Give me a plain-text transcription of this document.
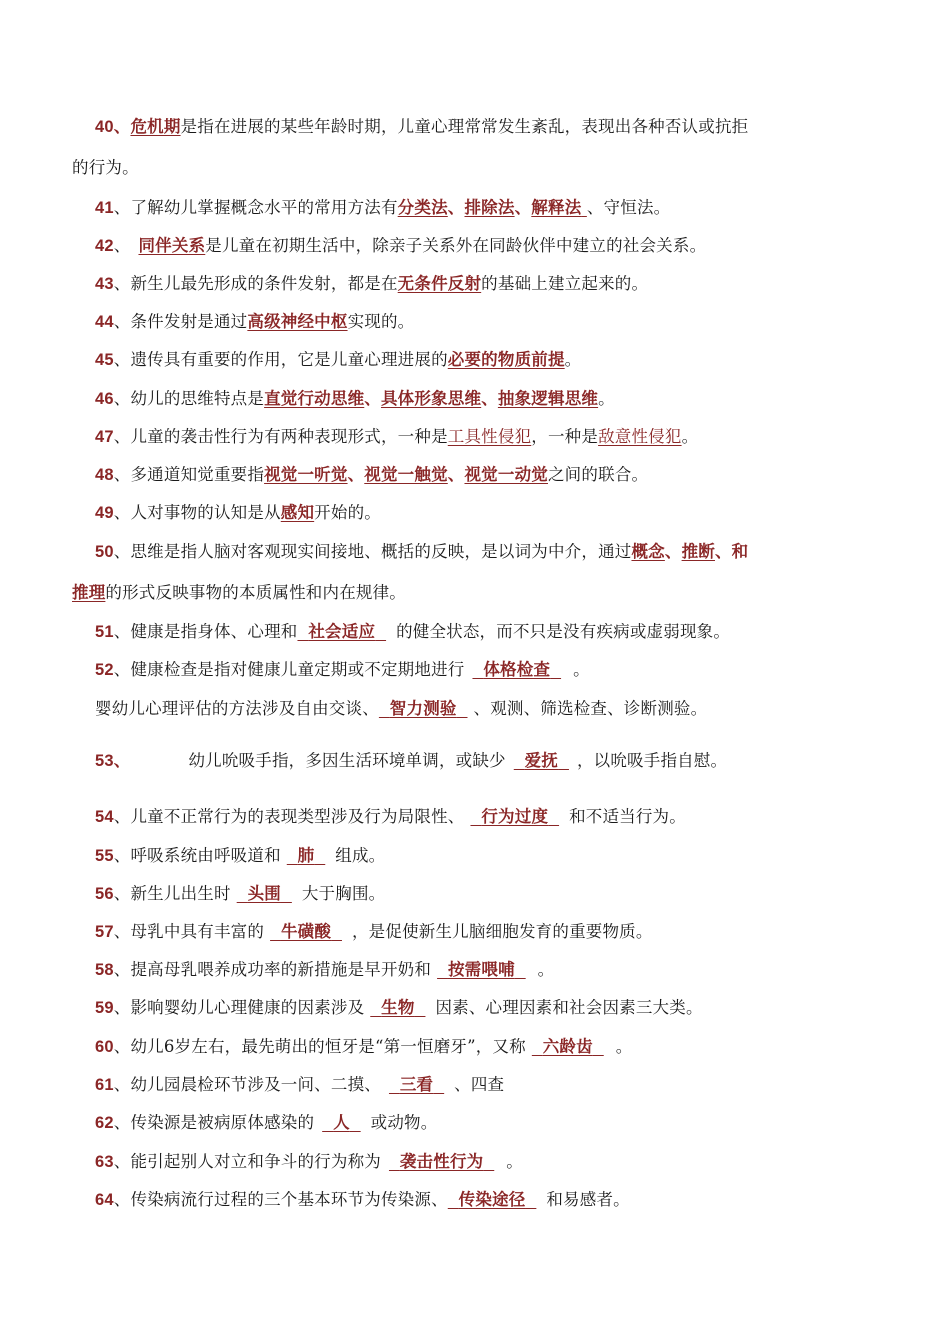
40、危机期是指在进展的某些年龄时期，儿童心理常常发生紊乱，表现出各种否认或抗拒
的行为。
41、了解幼儿掌握概念水平的常用方法有分类法、排除法、解释法 、守恒法。
42、 同伴关系是儿童在初期生活中，除亲子关系外在同龄伙伴中建立的社会关系。
43、新生儿最先形成的条件发射，都是在无条件反射的基础上建立起来的。
44、条件发射是通过高级神经中枢实现的。
45、遗传具有重要的作用，它是儿童心理进展的必要的物质前提。
46、幼儿的思维特点是直觉行动思维、具体形象思维、抽象逻辑思维。
47、儿童的袭击性行为有两种表现形式，一种是工具性侵犯，一种是敌意性侵犯。
48、多通道知觉重要指视觉一听觉、视觉一触觉、视觉一动觉之间的联合。
49、人对事物的认知是从感知开始的。
50、思维是指人脑对客观现实间接地、概括的反映，是以词为中介，通过概念、推断、和
推理的形式反映事物的本质属性和内在规律。
51、健康是指身体、心理和 社会适应 的健全状态，而不只是没有疾病或虚弱现象。
52、健康检查是指对健康儿童定期或不定期地进行 体格检查 。
婴幼儿心理评估的方法涉及自由交谈、 智力测验 、观测、筛选检查、诊断测验。
53、	幼儿吮吸手指，多因生活环境单调，或缺少 爱抚 ，以吮吸手指自慰。
54、儿童不正常行为的表现类型涉及行为局限性、 行为过度 和不适当行为。
55、呼吸系统由呼吸道和 肺 组成。
56、新生儿出生时 头围 大于胸围。
57、母乳中具有丰富的 牛磺酸 ，是促使新生儿脑细胞发育的重要物质。
58、提高母乳喂养成功率的新措施是早开奶和 按需喂哺 。
59、影响婴幼儿心理健康的因素涉及 生物 因素、心理因素和社会因素三大类。
60、幼儿6岁左右，最先萌出的恒牙是“第一恒磨牙”，又称 六龄齿 。
61、幼儿园晨检环节涉及一问、二摸、 三看 、四查
62、传染源是被病原体感染的 人 或动物。
63、能引起别人对立和争斗的行为称为 袭击性行为 。
64、传染病流行过程的三个基本环节为传染源、 传染途径 和易感者。
